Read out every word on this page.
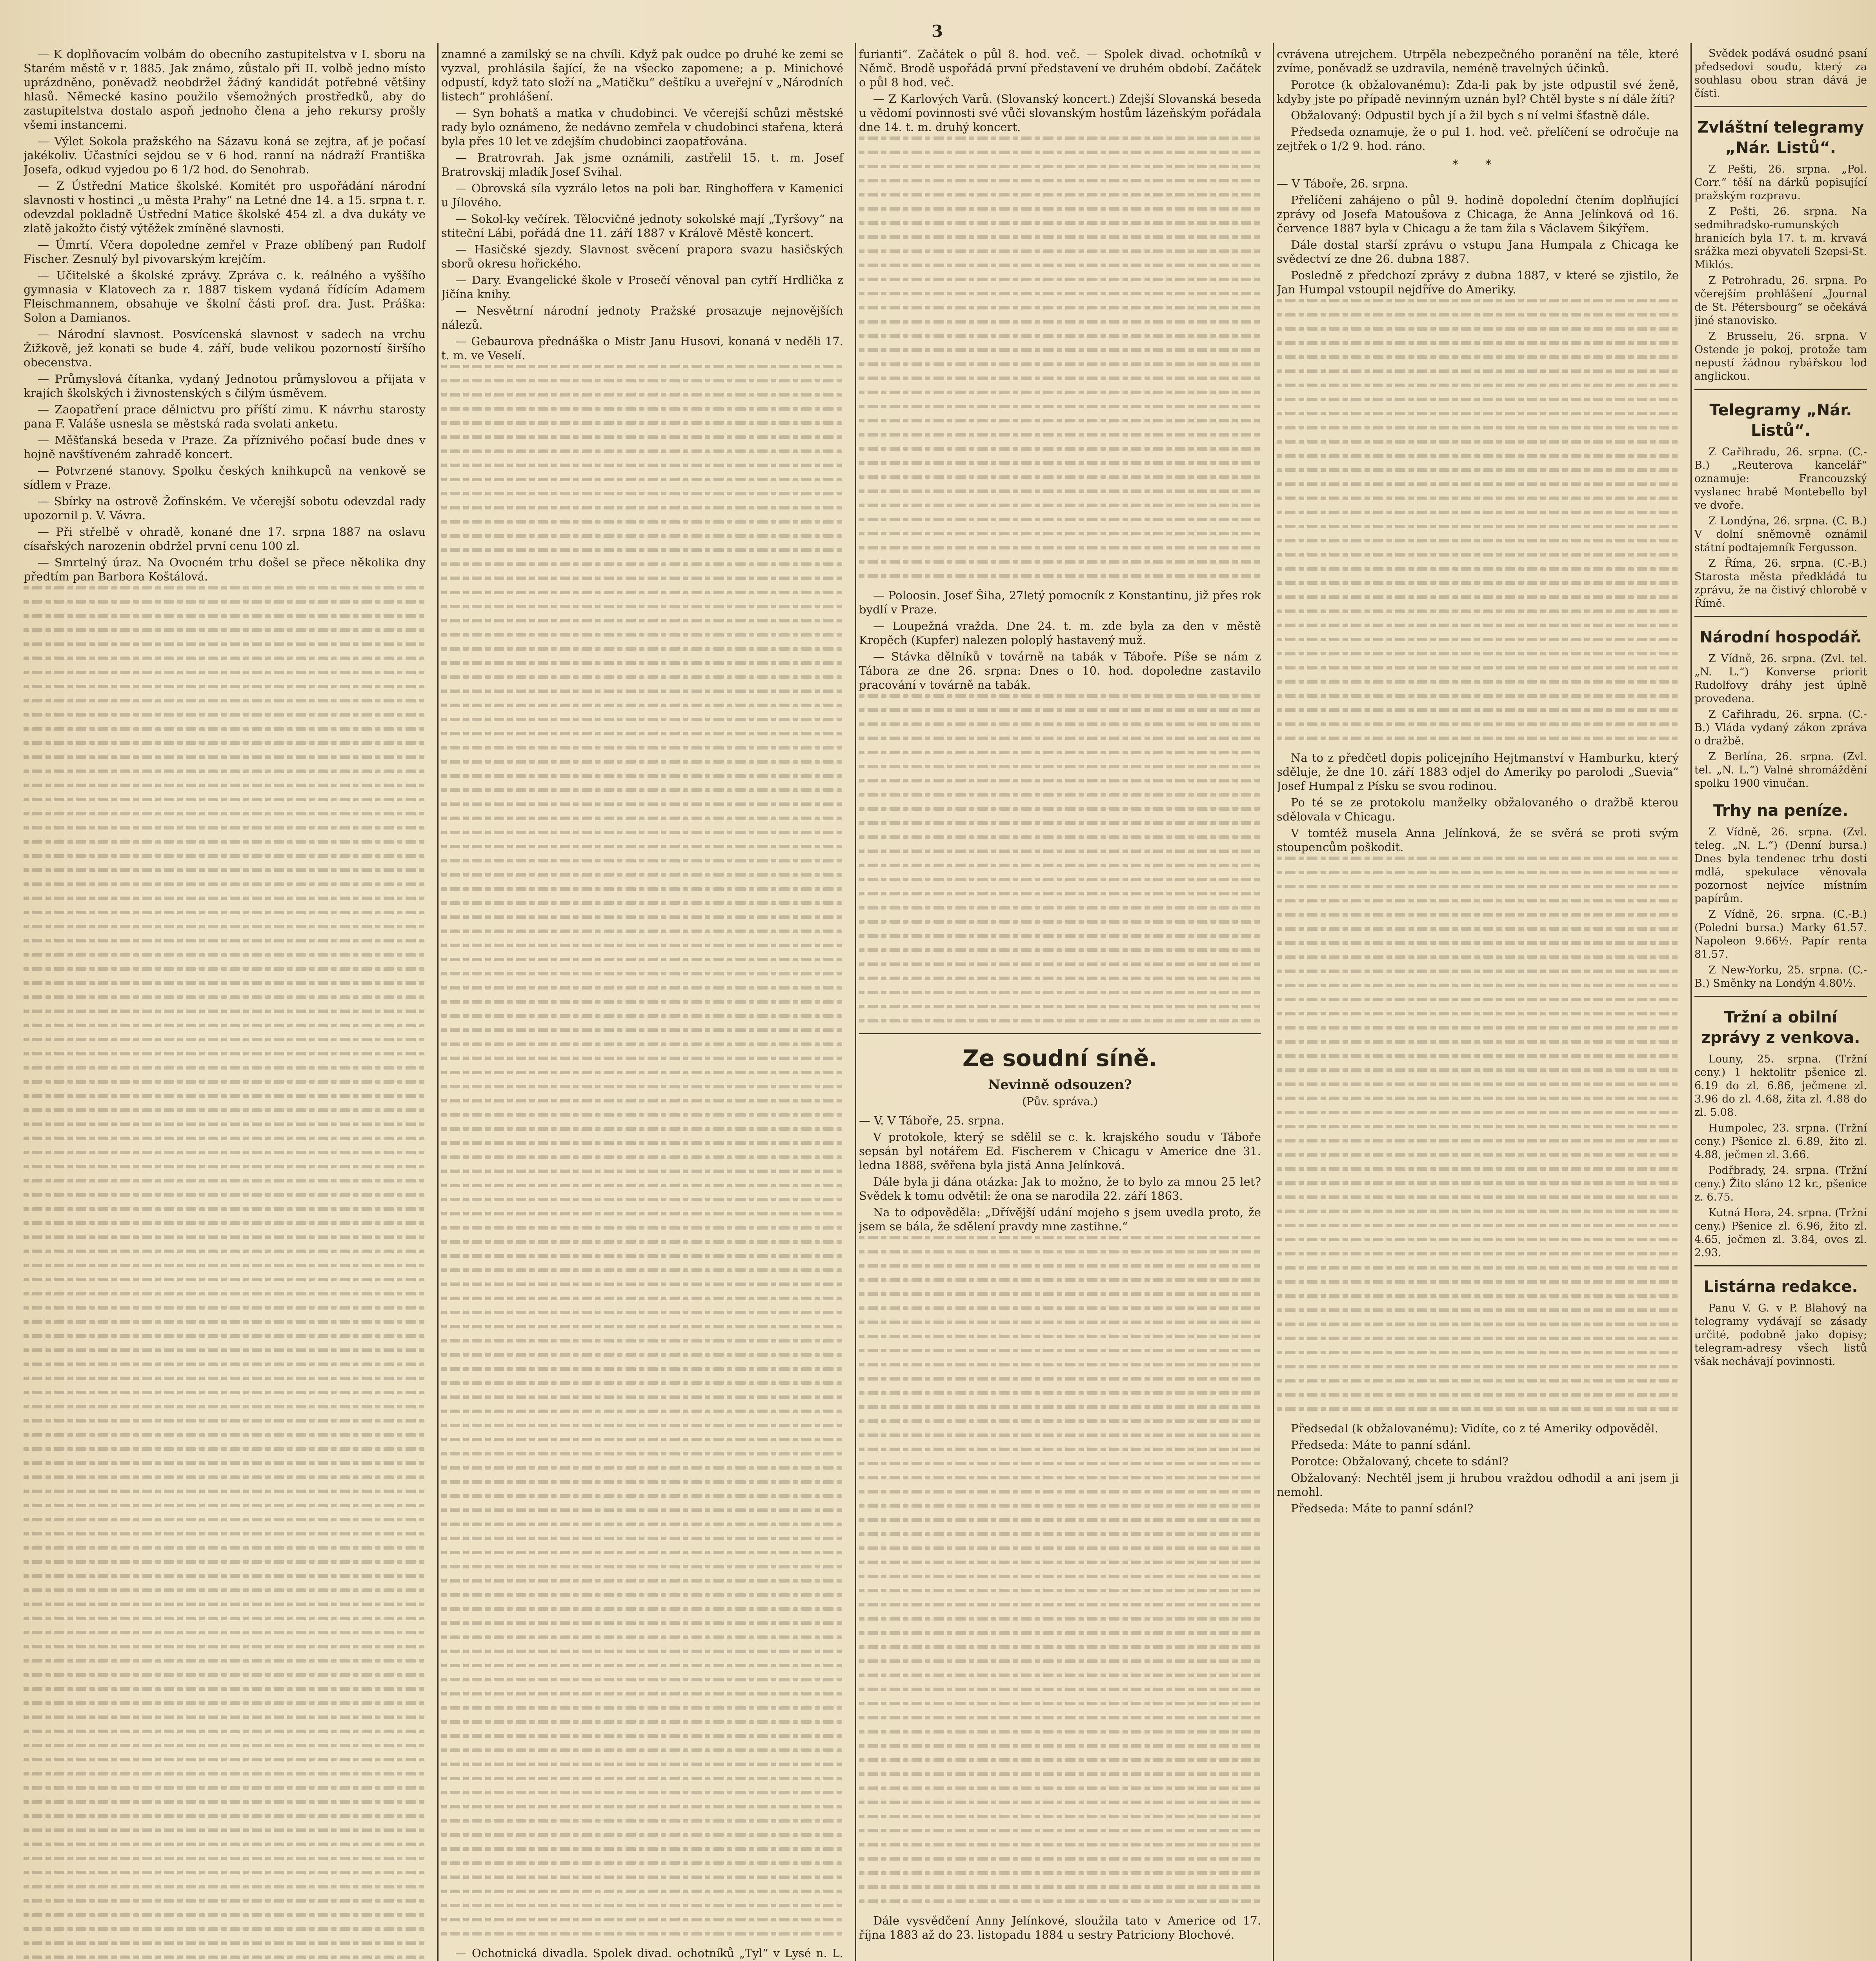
3

— K doplňovacím volbám do obecního zastupitelstva v I. sboru na Starém městě v r. 1885. Jak známo, zůstalo při II. volbě jedno místo uprázdněno, poněvadž neobdržel žádný kandidát potřebné většiny hlasů. Německé kasino použilo všemožných prostředků, aby do zastupitelstva dostalo aspoň jednoho člena a jeho rekursy prošly všemi instancemi.

— Výlet Sokola pražského na Sázavu koná se zejtra, ať je počasí jakékoliv. Účastníci sejdou se v 6 hod. ranní na nádraží Františka Josefa, odkud vyjedou po 6 1/2 hod. do Senohrab.

— Z Ústřední Matice školské. Komitét pro uspořádání národní slavnosti v hostinci „u města Prahy“ na Letné dne 14. a 15. srpna t. r. odevzdal pokladně Ústřední Matice školské 454 zl. a dva dukáty ve zlatě jakožto čistý výtěžek zmíněné slavnosti.

— Úmrtí. Včera dopoledne zemřel v Praze oblíbený pan Rudolf Fischer. Zesnulý byl pivovarským krejčím.

— Učitelské a školské zprávy. Zpráva c. k. reálného a vyššího gymnasia v Klatovech za r. 1887 tiskem vydaná řídícím Adamem Fleischmannem, obsahuje ve školní části prof. dra. Just. Práška: Solon a Damianos.

— Národní slavnost. Posvícenská slavnost v sadech na vrchu Žižkově, jež konati se bude 4. září, bude velikou pozorností širšího obecenstva.

— Průmyslová čítanka, vydaný Jednotou průmyslovou a přijata v krajích školských i živnostenských s čilým úsměvem.

— Zaopatření prace dělnictvu pro příští zimu. K návrhu starosty pana F. Valáše usnesla se městská rada svolati anketu.

— Měšťanská beseda v Praze. Za příznivého počasí bude dnes v hojně navštíveném zahradě koncert.

— Potvrzené stanovy. Spolku českých knihkupců na venkově se sídlem v Praze.

— Sbírky na ostrově Žofínském. Ve včerejší sobotu odevzdal rady upozornil p. V. Vávra.

— Při střelbě v ohradě, konané dne 17. srpna 1887 na oslavu císařských narozenin obdržel první cenu 100 zl.

— Smrtelný úraz. Na Ovocném trhu došel se přece několika dny předtím pan Barbora Koštálová.

znamné a zamilský se na chvíli. Když pak oudce po druhé ke zemi se vyzval, prohlásila šající, že na všecko zapomene; a p. Minichové odpustí, když tato složí na „Matičku“ deštíku a uveřejní v „Národních listech“ prohlášení.

— Syn bohatš a matka v chudobinci. Ve včerejší schůzi městské rady bylo oznámeno, že nedávno zemřela v chudobinci stařena, která byla přes 10 let ve zdejším chudobinci zaopatřována.

— Bratrovrah. Jak jsme oznámili, zastřelil 15. t. m. Josef Bratrovskij mladík Josef Svihal.

— Obrovská síla vyzrálo letos na poli bar. Ringhoffera v Kamenici u Jílového.

— Sokol-ky večírek. Tělocvičné jednoty sokolské mají „Tyršovy“ na stiteční Lábi, pořádá dne 11. září 1887 v Králově Městě koncert.

— Hasičské sjezdy. Slavnost svěcení prapora svazu hasičských sborů okresu hořického.

— Dary. Evangelické škole v Prosečí věnoval pan cytří Hrdlička z Jičína knihy.

— Nesvětrní národní jednoty Pražské prosazuje nejnovějších nálezů.

— Gebaurova přednáška o Mistr Janu Husovi, konaná v neděli 17. t. m. ve Veselí.

— Ochotnická divadla. Spolek divad. ochotníků „Tyl“ v Lysé n. L.

furianti“. Začátek o půl 8. hod. več. — Spolek divad. ochotníků v Němč. Brodě uspořádá první představení ve druhém období. Začátek o půl 8 hod. več.

— Z Karlových Varů. (Slovanský koncert.) Zdejší Slovanská beseda u vědomí povinnosti své vůči slovanským hostům lázeňským pořádala dne 14. t. m. druhý koncert.

— Poloosin. Josef Šiha, 27letý pomocník z Konstantinu, již přes rok bydlí v Praze.

— Loupežná vražda. Dne 24. t. m. zde byla za den v městě Kropěch (Kupfer) nalezen poloplý hastavený muž.

— Stávka dělníků v továrně na tabák v Táboře. Píše se nám z Tábora ze dne 26. srpna: Dnes o 10. hod. dopoledne zastavilo pracování v továrně na tabák.

Ze soudní síně.
Nevinně odsouzen?
(Pův. správa.)

— V. V Táboře, 25. srpna.

V protokole, který se sdělil se c. k. krajského soudu v Táboře sepsán byl notářem Ed. Fischerem v Chicagu v Americe dne 31. ledna 1888, svěřena byla jistá Anna Jelínková.

Dále byla ji dána otázka: Jak to možno, že to bylo za mnou 25 let? Svědek k tomu odvětil: že ona se narodila 22. září 1863.

Na to odpověděla: „Dřívější udání mojeho s jsem uvedla proto, že jsem se bála, že sdělení pravdy mne zastihne.“

Dále vysvědčení Anny Jelínkové, sloužila tato v Americe od 17. října 1883 až do 23. listopadu 1884 u sestry Patriciony Blochové.

cvrávena utrejchem. Utrpěla nebezpečného poranění na těle, které zvíme, poněvadž se uzdravila, neméně travelných účinků.

Porotce (k obžalovanému): Zda-li pak by jste odpustil své ženě, kdyby jste po případě nevinným uznán byl? Chtěl byste s ní dále žíti?

Obžalovaný: Odpustil bych jí a žil bych s ní velmi šťastně dále.

Předseda oznamuje, že o pul 1. hod. več. přelíčení se odročuje na zejtřek o 1/2 9. hod. ráno.

* *

— V Táboře, 26. srpna.

Přelíčení zahájeno o půl 9. hodině dopolední čtením doplňující zprávy od Josefa Matoušova z Chicaga, že Anna Jelínková od 16. července 1887 byla v Chicagu a že tam žila s Václavem Šikýřem.

Dále dostal starší zprávu o vstupu Jana Humpala z Chicaga ke svědectví ze dne 26. dubna 1887.

Posledně z předchozí zprávy z dubna 1887, v které se zjistilo, že Jan Humpal vstoupil nejdříve do Ameriky.

Na to z předčetl dopis policejního Hejtmanství v Hamburku, který sděluje, že dne 10. září 1883 odjel do Ameriky po parolodi „Suevia“ Josef Humpal z Písku se svou rodinou.

Po té se ze protokolu manželky obžalovaného o dražbě kterou sdělovala v Chicagu.

V tomtéž musela Anna Jelínková, že se svěrá se proti svým stoupencům poškodit.

Předsedal (k obžalovanému): Vidíte, co z té Ameriky odpověděl.

Předseda: Máte to panní sdánl.

Porotce: Obžalovaný, chcete to sdánl?

Obžalovaný: Nechtěl jsem ji hrubou vraždou odhodil a ani jsem ji nemohl.

Předseda: Máte to panní sdánl?

Svědek podává osudné psaní předsedovi soudu, který za souhlasu obou stran dává je čísti.

Zvláštní telegramy „Nár. Listů“.

Z Pešti, 26. srpna. „Pol. Corr.“ těší na dárků popisující pražským rozpravu.

Z Pešti, 26. srpna. Na sedmihradsko-rumunských hranicích byla 17. t. m. krvavá srážka mezi obyvateli Szepsi-St. Miklós.

Z Petrohradu, 26. srpna. Po včerejším prohlášení „Journal de St. Pétersbourg“ se očekává jiné stanovisko.

Z Brusselu, 26. srpna. V Ostende je pokoj, protože tam nepustí žádnou rybářskou lod anglickou.

Telegramy „Nár. Listů“.

Z Cařihradu, 26. srpna. (C.-B.) „Reuterova kancelář“ oznamuje: Francouzský vyslanec hrabě Montebello byl ve dvoře.

Z Londýna, 26. srpna. (C. B.) V dolní sněmovně oznámil státní podtajemník Fergusson.

Z Říma, 26. srpna. (C.-B.) Starosta města předkládá tu zprávu, že na čistivý chlorobě v Římě.

Národní hospodář.

Z Vídně, 26. srpna. (Zvl. tel. „N. L.“) Konverse priorit Rudolfovy dráhy jest úplně provedena.

Z Cařihradu, 26. srpna. (C.-B.) Vláda vydaný zákon zpráva o dražbě.

Z Berlína, 26. srpna. (Zvl. tel. „N. L.“) Valné shromáždění spolku 1900 vinučan.

Trhy na peníze.

Z Vídně, 26. srpna. (Zvl. teleg. „N. L.“) (Denní bursa.) Dnes byla tendenec trhu dosti mdlá, spekulace věnovala pozornost nejvíce místním papírům.

Z Vídně, 26. srpna. (C.-B.) (Poledni bursa.) Marky 61.57. Napoleon 9.66½. Papír renta 81.57.

Z New-Yorku, 25. srpna. (C.-B.) Směnky na Londýn 4.80½.

Tržní a obilní zprávy z venkova.

Louny, 25. srpna. (Tržní ceny.) 1 hektolitr pšenice zl. 6.19 do zl. 6.86, ječmene zl. 3.96 do zl. 4.68, žita zl. 4.88 do zl. 5.08.

Humpolec, 23. srpna. (Tržní ceny.) Pšenice zl. 6.89, žito zl. 4.88, ječmen zl. 3.66.

Podřbrady, 24. srpna. (Tržní ceny.) Žito sláno 12 kr., pšenice z. 6.75.

Kutná Hora, 24. srpna. (Tržní ceny.) Pšenice zl. 6.96, žito zl. 4.65, ječmen zl. 3.84, oves zl. 2.93.

Listárna redakce.

Panu V. G. v P. Blahový na telegramy vydávají se zásady určité, podobně jako dopisy; telegram-adresy všech listů však nechávají povinnosti.
